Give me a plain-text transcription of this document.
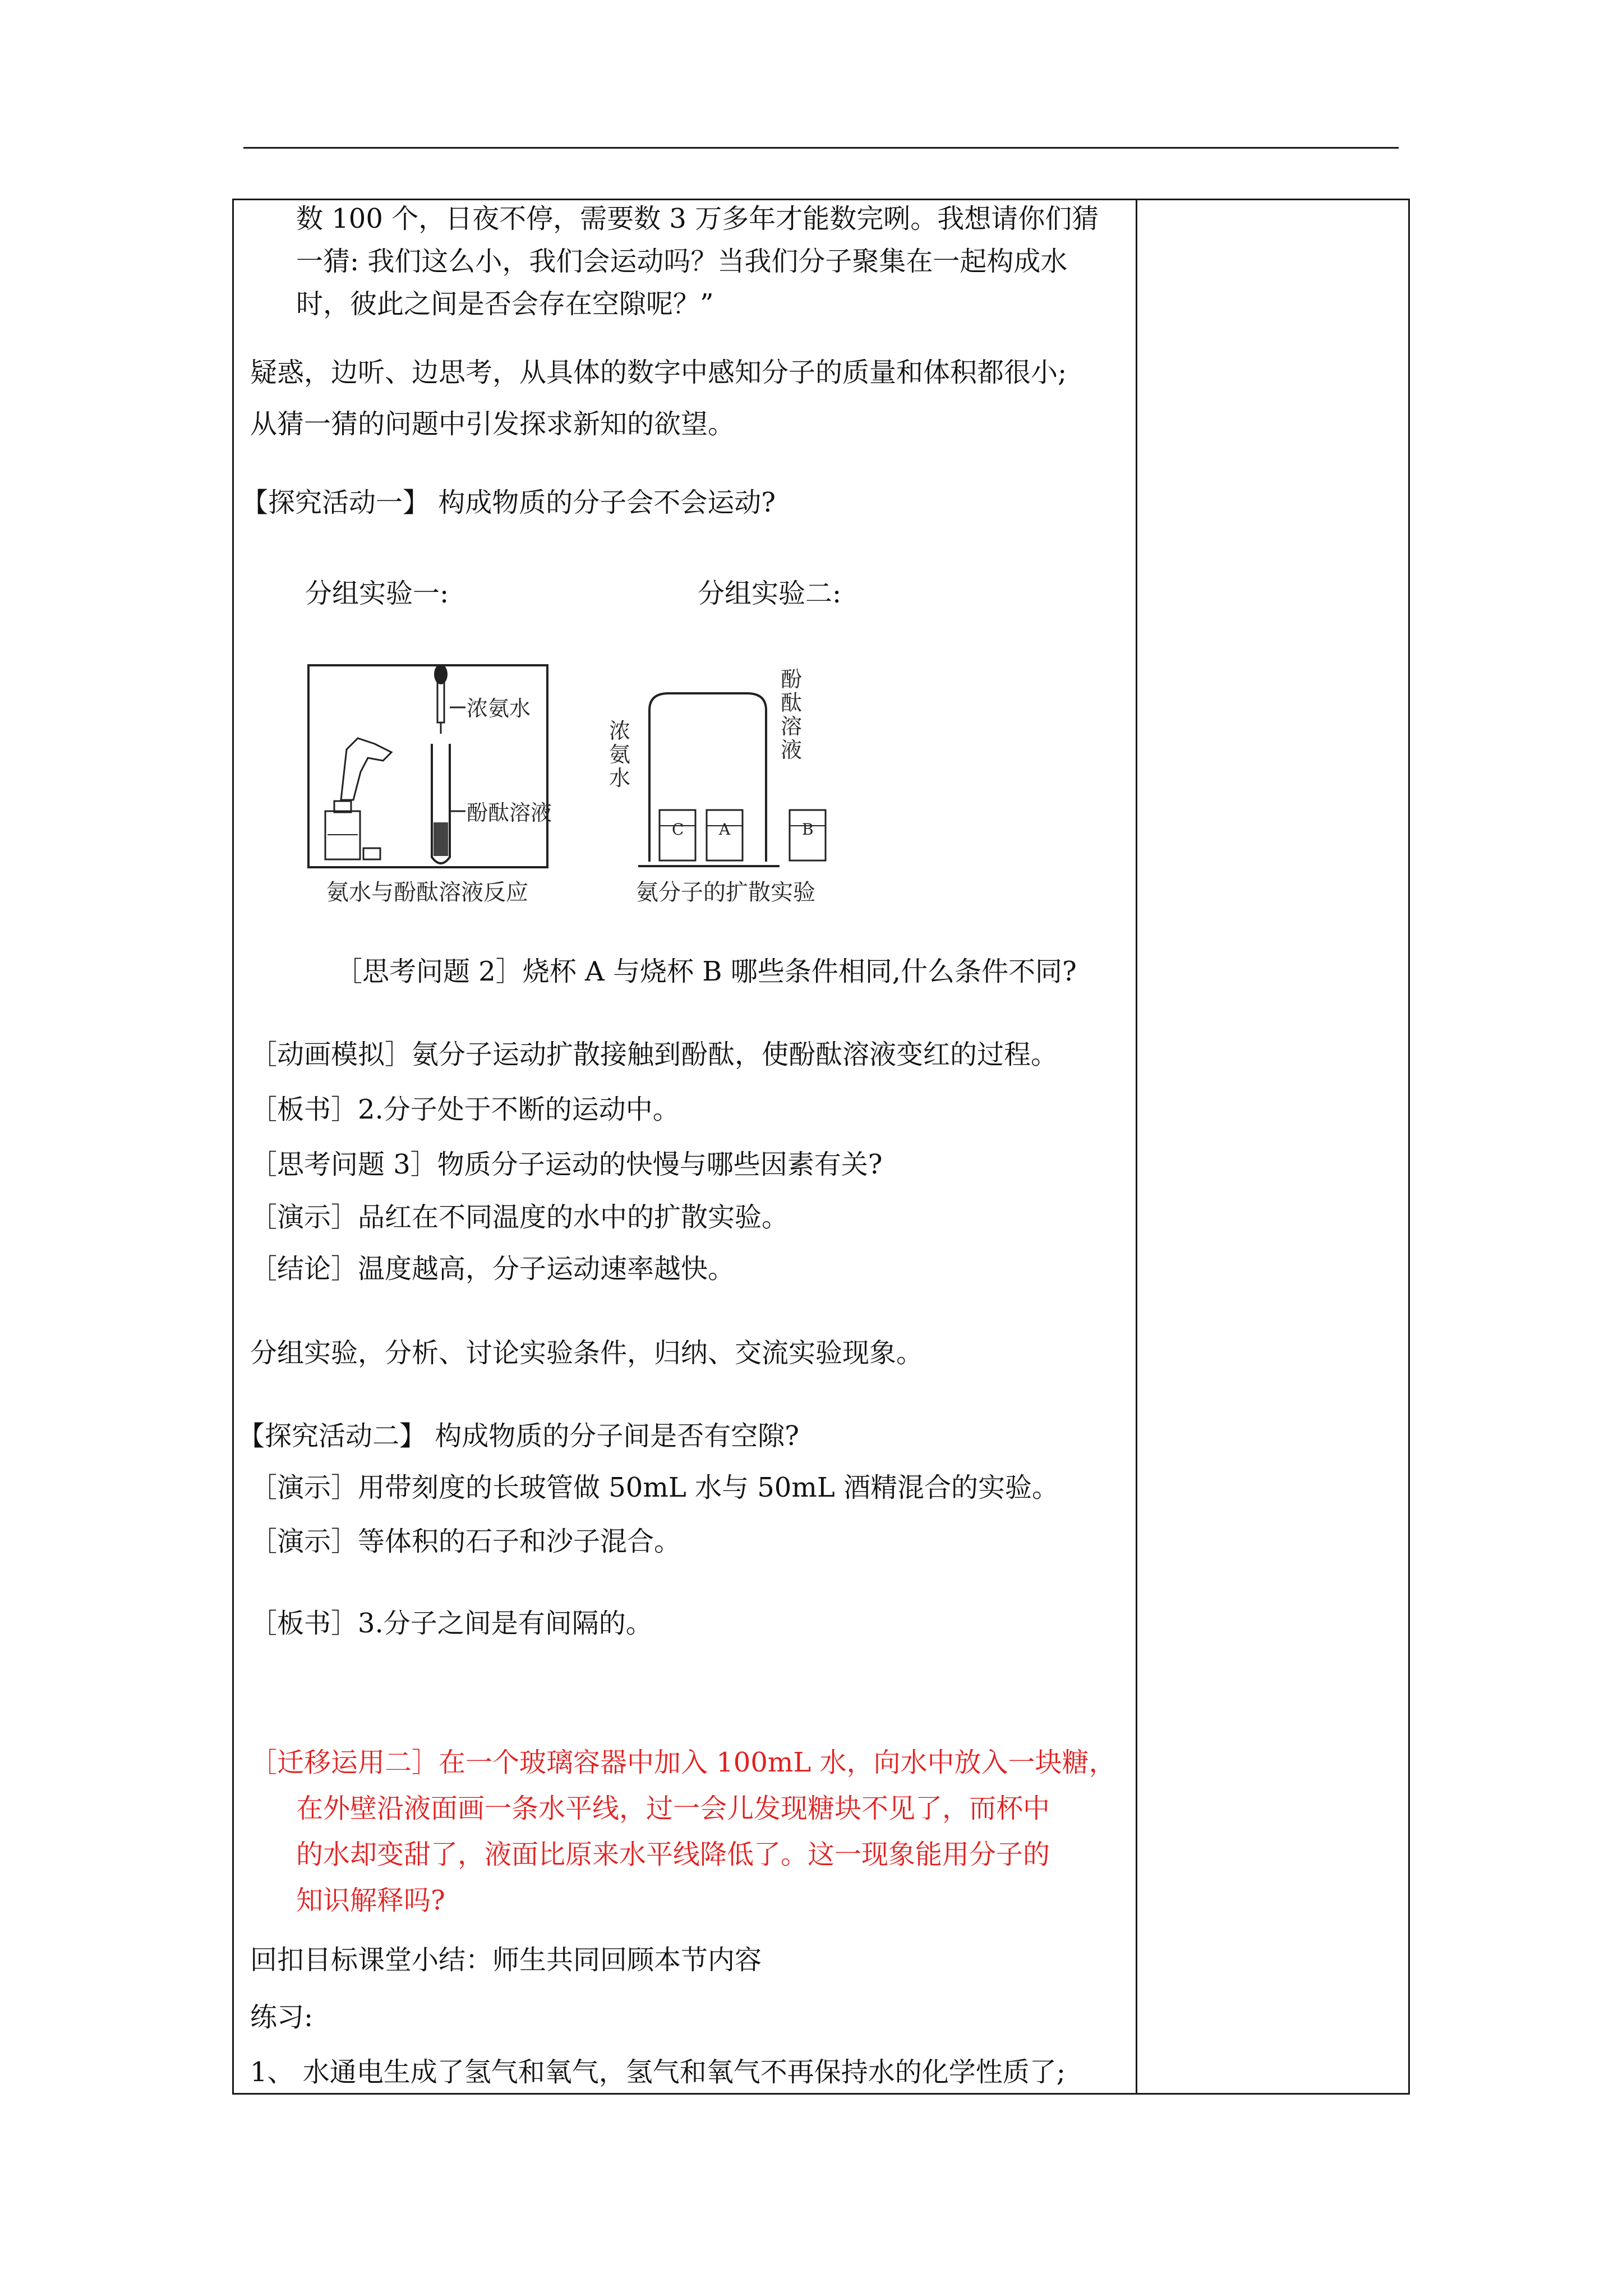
数 100 个，日夜不停，需要数 3 万多年才能数完咧。我想请你们猜
一猜: 我们这么小，我们会运动吗？当我们分子聚集在一起构成水
时，彼此之间是否会存在空隙呢？”
疑惑，边听、边思考，从具体的数字中感知分子的质量和体积都很小;
从猜一猜的问题中引发探求新知的欲望。
【探究活动一】 构成物质的分子会不会运动?
分组实验一:	分组实验二:
浓氨水
酚酞溶液
氨水与酚酞溶液反应
C A	B
浓
氨
水
酚
酞
溶
液
氨分子的扩散实验
［思考问题 2］烧杯 A 与烧杯 B 哪些条件相同,什么条件不同?
［动画模拟］氨分子运动扩散接触到酚酞，使酚酞溶液变红的过程。
［板书］2.分子处于不断的运动中。
［思考问题 3］物质分子运动的快慢与哪些因素有关?
［演示］品红在不同温度的水中的扩散实验。
［结论］温度越高，分子运动速率越快。
分组实验，分析、讨论实验条件，归纳、交流实验现象。
【探究活动二】 构成物质的分子间是否有空隙?
［演示］用带刻度的长玻管做 50mL 水与 50mL 酒精混合的实验。
［演示］等体积的石子和沙子混合。
［板书］3.分子之间是有间隔的。
［迁移运用二］在一个玻璃容器中加入 100mL 水，向水中放入一块糖，
在外壁沿液面画一条水平线，过一会儿发现糖块不见了，而杯中
的水却变甜了，液面比原来水平线降低了。这一现象能用分子的
知识解释吗?
回扣目标课堂小结：师生共同回顾本节内容
练习:
1、 水通电生成了氢气和氧气，氢气和氧气不再保持水的化学性质了;
